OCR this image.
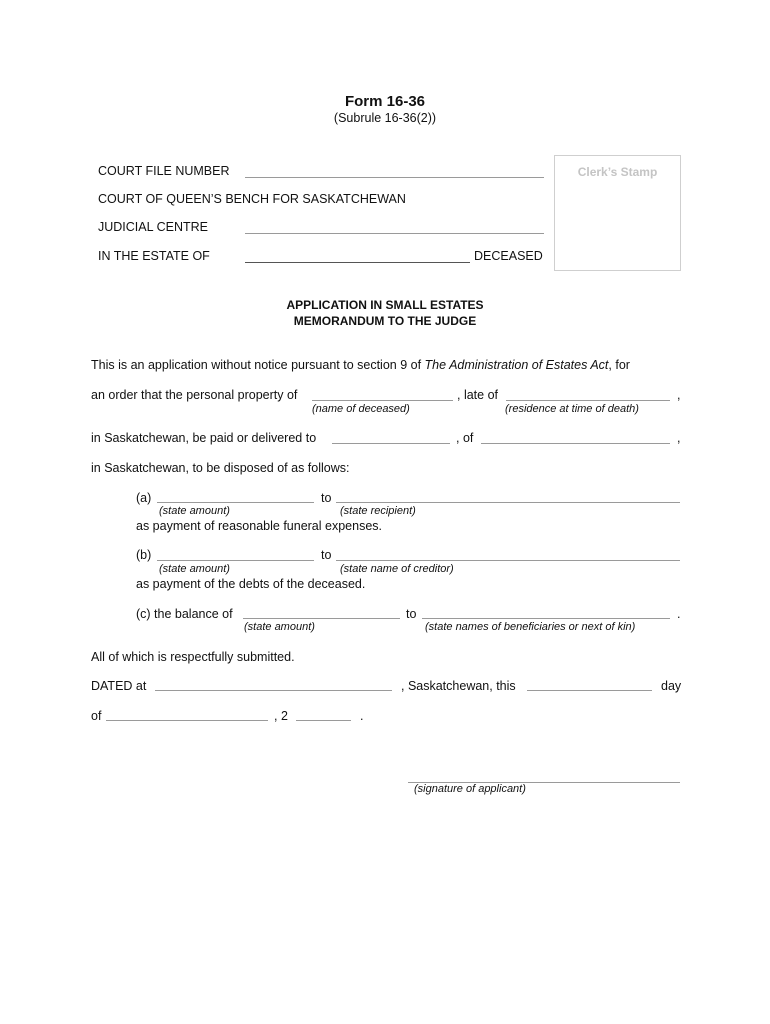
Form 16-36
(Subrule 16-36(2))
COURT FILE NUMBER
COURT OF QUEEN’S BENCH FOR SASKATCHEWAN
JUDICIAL CENTRE
IN THE ESTATE OF	DECEASED
Clerk’s Stamp
APPLICATION IN SMALL ESTATES
MEMORANDUM TO THE JUDGE
This is an application without notice pursuant to section 9 of The Administration of Estates Act, for
an order that the personal property of	, late of	,
(name of deceased)	(residence at time of death)
in Saskatchewan, be paid or delivered to	, of	,
in Saskatchewan, to be disposed of as follows:
(a)	to
(state amount)	(state recipient)
as payment of reasonable funeral expenses.
(b)	to
(state amount)	(state name of creditor)
as payment of the debts of the deceased.
(c) the balance of	to	.
(state amount)	(state names of beneficiaries or next of kin)
All of which is respectfully submitted.
DATED at	, Saskatchewan, this	day
of	, 2	.
(signature of applicant)
